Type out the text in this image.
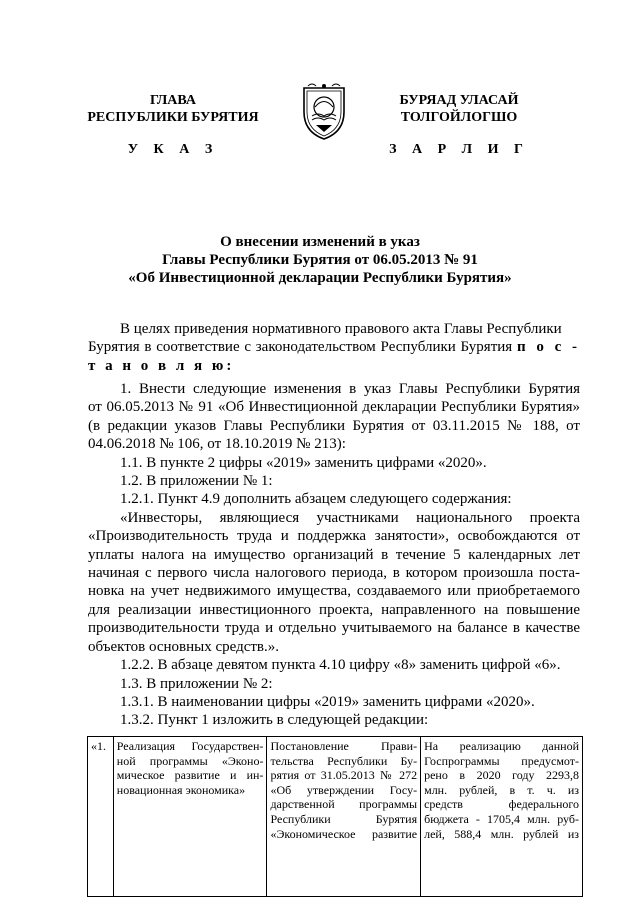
ГЛАВА
РЕСПУБЛИКИ БУРЯТИЯ
БУРЯАД УЛАСАЙ
ТОЛГОЙЛОГШО
У К А З	З А Р Л И Г
О внесении изменений в указ
Главы Республики Бурятия от 06.05.2013 № 91
«Об Инвестиционной декларации Республики Бурятия»
В целях приведения нормативного правового акта Главы Республики
Бурятия в соответствие с законодательством Республики Бурятия п о с -
т а н о в л я ю:
1. Внести следующие изменения в указ Главы Республики Бурятия
от 06.05.2013 № 91 «Об Инвестиционной декларации Республики Бурятия»
(в редакции указов Главы Республики Бурятия от 03.11.2015 № 188, от
04.06.2018 № 106, от 18.10.2019 № 213):
1.1. В пункте 2 цифры «2019» заменить цифрами «2020».
1.2. В приложении № 1:
1.2.1. Пункт 4.9 дополнить абзацем следующего содержания:
«Инвесторы, являющиеся участниками национального проекта
«Производительность труда и поддержка занятости», освобождаются от
уплаты налога на имущество организаций в течение 5 календарных лет
начиная с первого числа налогового периода, в котором произошла поста-
новка на учет недвижимого имущества, создаваемого или приобретаемого
для реализации инвестиционного проекта, направленного на повышение
производительности труда и отдельно учитываемого на балансе в качестве
объектов основных средств.».
1.2.2. В абзаце девятом пункта 4.10 цифру «8» заменить цифрой «6».
1.3. В приложении № 2:
1.3.1. В наименовании цифры «2019» заменить цифрами «2020».
1.3.2. Пункт 1 изложить в следующей редакции:
«1.	Реализация Государствен-
ной программы «Эконо-
мическое развитие и ин-
новационная экономика»

Постановление Прави-
тельства Республики Бу-
рятия от 31.05.2013 № 272
«Об утверждении Госу-
дарственной программы
Республики Бурятия
«Экономическое развитие

На реализацию данной
Госпрограммы предусмот-
рено в 2020 году 2293,8
млн. рублей, в т. ч. из
средств федерального
бюджета - 1705,4 млн. руб-
лей, 588,4 млн. рублей из
